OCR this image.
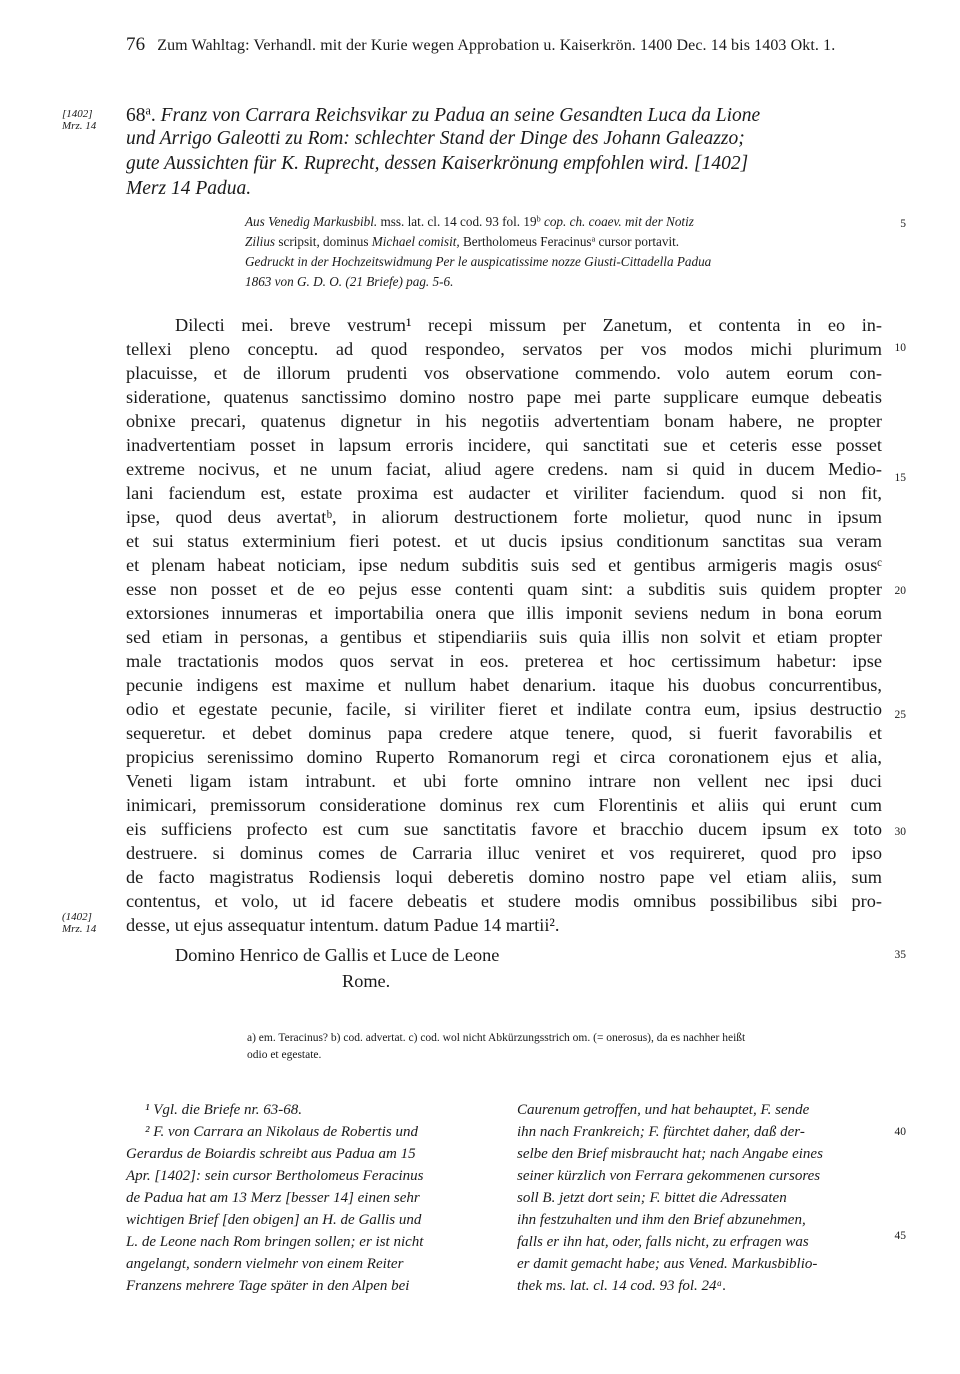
76 Zum Wahltag: Verhandl. mit der Kurie wegen Approbation u. Kaiserkrön. 1400 Dec. 14 bis 1403 Okt. 1.
[1402]
Mrz. 14 68$^a$. Franz von Carrara Reichsvikar zu Padua an seine Gesandten Luca da Lione
und Arrigo Galeotti zu Rom: schlechter Stand der Dinge des Johann Galeazzo;
gute Aussichten für K. Ruprecht, dessen Kaiserkrönung empfohlen wird. [1402]
Merz 14 Padua.
Aus Venedig Markusbibl. mss. lat. cl. 14 cod. 93 fol. 19$^b$ cop. ch. coaev. mit der Notiz
Zilius scripsit, dominus Michael comisit, Bertholomeus Feracinus$^a$ cursor portavit.
Gedruckt in der Hochzeitswidmung Per le auspicatissime nozze Giusti-Cittadella Padua
1863 von G. D. O. (21 Briefe) pag. 5-6.
5
10
15
20
25
30
35
40
45
Dilecti mei. breve vestrum¹ recepi missum per Zanetum, et contenta in eo in-
tellexi pleno conceptu. ad quod respondeo, servatos per vos modos michi plurimum
placuisse, et de illorum prudenti vos observatione commendo. volo autem eorum con-
sideratione, quatenus sanctissimo domino nostro pape mei parte supplicare eumque debeatis
obnixe precari, quatenus dignetur in his negotiis advertentiam bonam habere, ne propter
inadvertentiam posset in lapsum erroris incidere, qui sanctitati sue et ceteris esse posset
extreme nocivus, et ne unum faciat, aliud agere credens. nam si quid in ducem Medio-
lani faciendum est, estate proxima est audacter et viriliter faciendum. quod si non fit,
ipse, quod deus avertatᵇ, in aliorum destructionem forte molietur, quod nunc in ipsum
et sui status exterminium fieri potest. et ut ducis ipsius conditionum sanctitas sua veram
et plenam habeat noticiam, ipse nedum subditis suis sed et gentibus armigeris magis osusᶜ
esse non posset et de eo pejus esse contenti quam sint: a subditis suis quidem propter
extorsiones innumeras et importabilia onera que illis imponit seviens nedum in bona eorum
sed etiam in personas, a gentibus et stipendiariis suis quia illis non solvit et etiam propter
male tractationis modos quos servat in eos. preterea et hoc certissimum habetur: ipse
pecunie indigens est maxime et nullum habet denarium. itaque his duobus concurrentibus,
odio et egestate pecunie, facile, si viriliter fieret et indilate contra eum, ipsius destructio
sequeretur. et debet dominus papa credere atque tenere, quod, si fuerit favorabilis et
propicius serenissimo domino Ruperto Romanorum regi et circa coronationem ejus et alia,
Veneti ligam istam intrabunt. et ubi forte omnino intrare non vellent nec ipsi duci
inimicari, premissorum consideratione dominus rex cum Florentinis et aliis qui erunt cum
eis sufficiens profecto est cum sue sanctitatis favore et bracchio ducem ipsum ex toto
destruere. si dominus comes de Carraria illuc veniret et vos requireret, quod pro ipso
de facto magistratus Rodiensis loqui deberetis domino nostro pape vel etiam aliis, sum
contentus, et volo, ut id facere debeatis et studere modis omnibus possibilibus sibi pro-
desse, ut ejus assequatur intentum. datum Padue 14 martii².
(1402]
Mrz. 14
Domino Henrico de Gallis et Luce de Leone
Rome.
a) em. Teracinus? b) cod. advertat. c) cod. wol nicht Abkürzungsstrich om. (= onerosus), da es nachher heißt
odio et egestate.
¹ Vgl. die Briefe nr. 63-68.
² F. von Carrara an Nikolaus de Robertis und
Gerardus de Boiardis schreibt aus Padua am 15
Apr. [1402]: sein cursor Bertholomeus Feracinus
de Padua hat am 13 Merz [besser 14] einen sehr
wichtigen Brief [den obigen] an H. de Gallis und
L. de Leone nach Rom bringen sollen; er ist nicht
angelangt, sondern vielmehr von einem Reiter
Franzens mehrere Tage später in den Alpen bei
Caurenum getroffen, und hat behauptet, F. sende
ihn nach Frankreich; F. fürchtet daher, daß der-
selbe den Brief misbraucht hat; nach Angabe eines
seiner kürzlich von Ferrara gekommenen cursores
soll B. jetzt dort sein; F. bittet die Adressaten
ihn festzuhalten und ihm den Brief abzunehmen,
falls er ihn hat, oder, falls nicht, zu erfragen was
er damit gemacht habe; aus Vened. Markusbiblio-
thek ms. lat. cl. 14 cod. 93 fol. 24ᵃ.
